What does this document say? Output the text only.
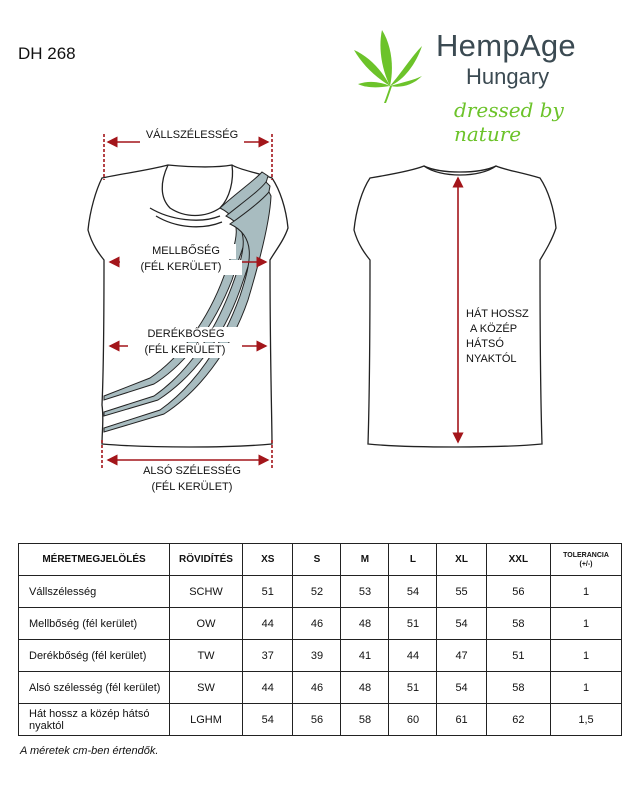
DH 268	HempAge
Hungary
dressed by nature
VÁLLSZÉLESSÉG
MELLBŐSÉG
(FÉL KERÜLET)
DERÉKBŐSÉG
(FÉL KERÜLET)
ALSÓ SZÉLESSÉG
(FÉL KERÜLET)
HÁT HOSSZ
A KÖZÉP
HÁTSÓ
NYAKTÓL
MÉRETMEGJELÖLÉS	RÖVIDÍTÉS	XS	S	M	L	XL	XXL	TOLERANCIA
(+/-)

Vállszélesség	SCHW	51	52	53	54	55	56	1
Mellbőség (fél kerület)	OW	44	46	48	51	54	58	1
Derékbőség (fél kerület)	TW	37	39	41	44	47	51	1
Alsó szélesség (fél kerület)	SW	44	46	48	51	54	58	1
Hát hossz a közép hátsó nyaktól	LGHM	54	56	58	60	61	62	1,5
A méretek cm-ben értendők.
